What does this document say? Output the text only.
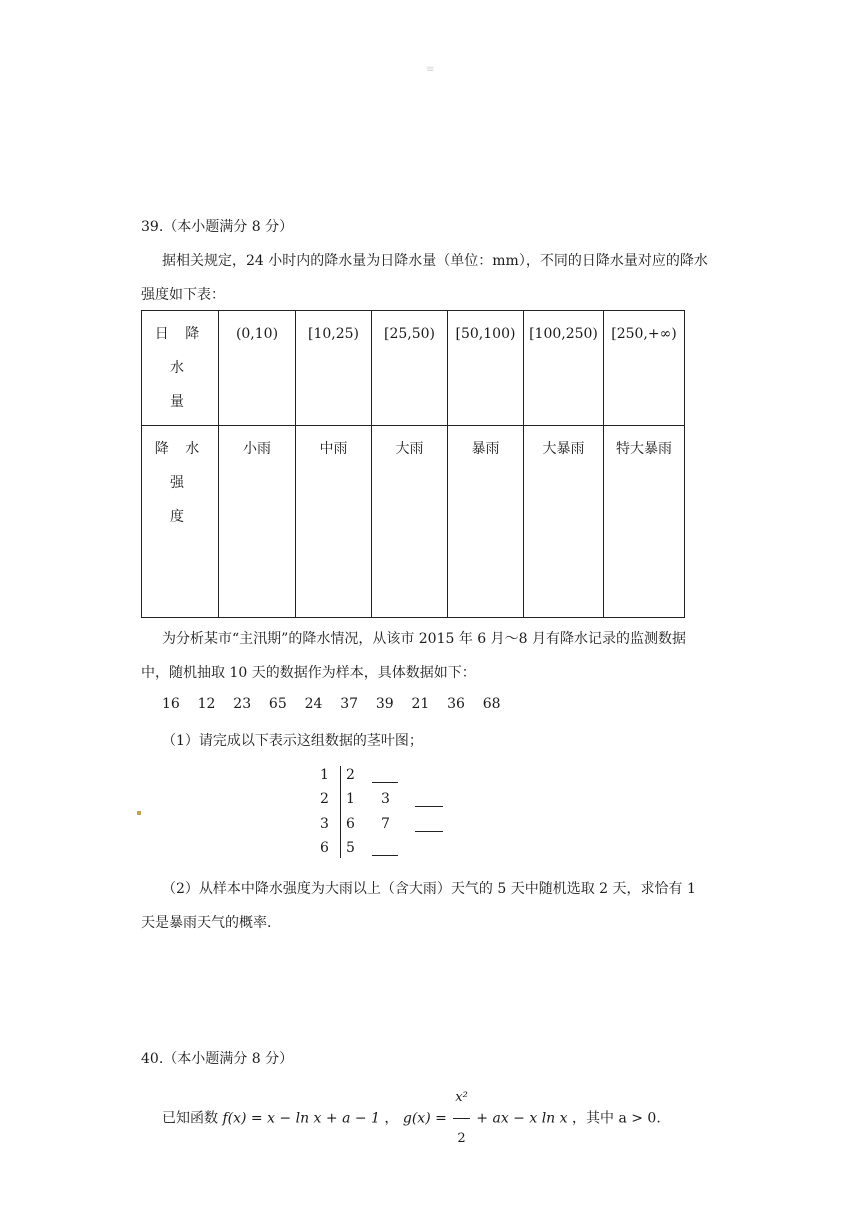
≡
39.（本小题满分 8 分）
据相关规定，24 小时内的降水量为日降水量（单位：mm），不同的日降水量对应的降水
强度如下表：
日 降 水
量	(0,10)	[10,25)	[25,50)	[50,100)	[100,250)	[250,+∞)
降 水 强
度	小雨	中雨	大雨	暴雨	大暴雨	特大暴雨
为分析某市“主汛期”的降水情况，从该市 2015 年 6 月～8 月有降水记录的监测数据
中，随机抽取 10 天的数据作为样本，具体数据如下：
16 12 23 65 24 37 39 21 36 68
（1）请完成以下表示这组数据的茎叶图；
1 2
2 1 3
3 6 7
6 5
（2）从样本中降水强度为大雨以上（含大雨）天气的 5 天中随机选取 2 天，求恰有 1
天是暴雨天气的概率.
40.（本小题满分 8 分）
已知函数 f(x) = x − ln x + a − 1 ， $g(x) = \frac{\text{x²}}{2}$ + ax − x ln x ，其中 a > 0.
